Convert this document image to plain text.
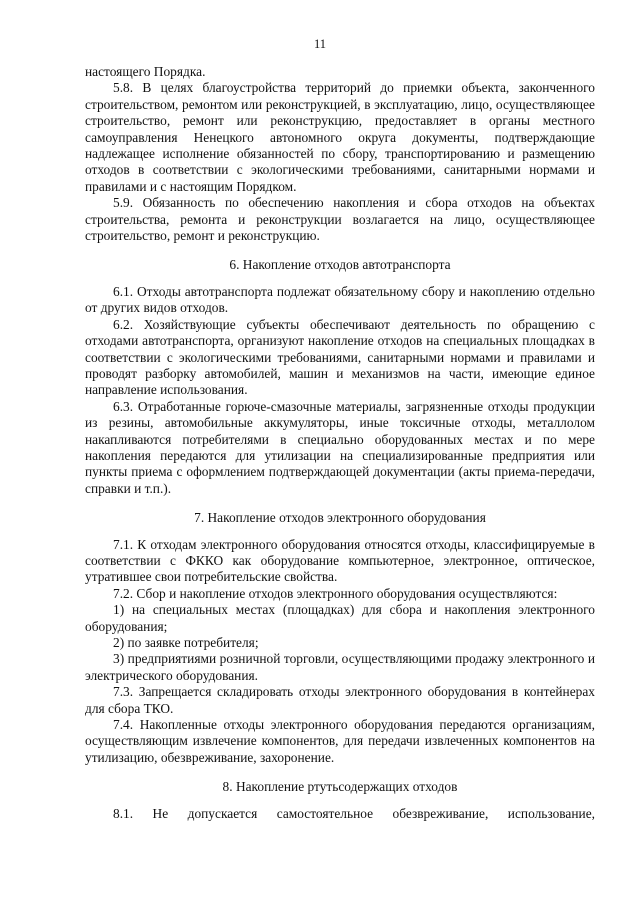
11

настоящего Порядка.

5.8. В целях благоустройства территорий до приемки объекта, законченного строительством, ремонтом или реконструкцией, в эксплуатацию, лицо, осуществляющее строительство, ремонт или реконструкцию, предоставляет в органы местного самоуправления Ненецкого автономного округа документы, подтверждающие надлежащее исполнение обязанностей по сбору, транспортированию и размещению отходов в соответствии с экологическими требованиями, санитарными нормами и правилами и с настоящим Порядком.

5.9. Обязанность по обеспечению накопления и сбора отходов на объектах строительства, ремонта и реконструкции возлагается на лицо, осуществляющее строительство, ремонт и реконструкцию.

6. Накопление отходов автотранспорта

6.1. Отходы автотранспорта подлежат обязательному сбору и накоплению отдельно от других видов отходов.

6.2. Хозяйствующие субъекты обеспечивают деятельность по обращению с отходами автотранспорта, организуют накопление отходов на специальных площадках в соответствии с экологическими требованиями, санитарными нормами и правилами и проводят разборку автомобилей, машин и механизмов на части, имеющие единое направление использования.

6.3. Отработанные горюче-смазочные материалы, загрязненные отходы продукции из резины, автомобильные аккумуляторы, иные токсичные отходы, металлолом накапливаются потребителями в специально оборудованных местах и по мере накопления передаются для утилизации на специализированные предприятия или пункты приема с оформлением подтверждающей документации (акты приема-передачи, справки и т.п.).

7. Накопление отходов электронного оборудования

7.1. К отходам электронного оборудования относятся отходы, классифицируемые в соответствии с ФККО как оборудование компьютерное, электронное, оптическое, утратившее свои потребительские свойства.

7.2. Сбор и накопление отходов электронного оборудования осуществляются:

1) на специальных местах (площадках) для сбора и накопления электронного оборудования;

2) по заявке потребителя;

3) предприятиями розничной торговли, осуществляющими продажу электронного и электрического оборудования.

7.3. Запрещается складировать отходы электронного оборудования в контейнерах для сбора ТКО.

7.4. Накопленные отходы электронного оборудования передаются организациям, осуществляющим извлечение компонентов, для передачи извлеченных компонентов на утилизацию, обезвреживание, захоронение.

8. Накопление ртутьсодержащих отходов

8.1. Не допускается самостоятельное обезвреживание, использование,
